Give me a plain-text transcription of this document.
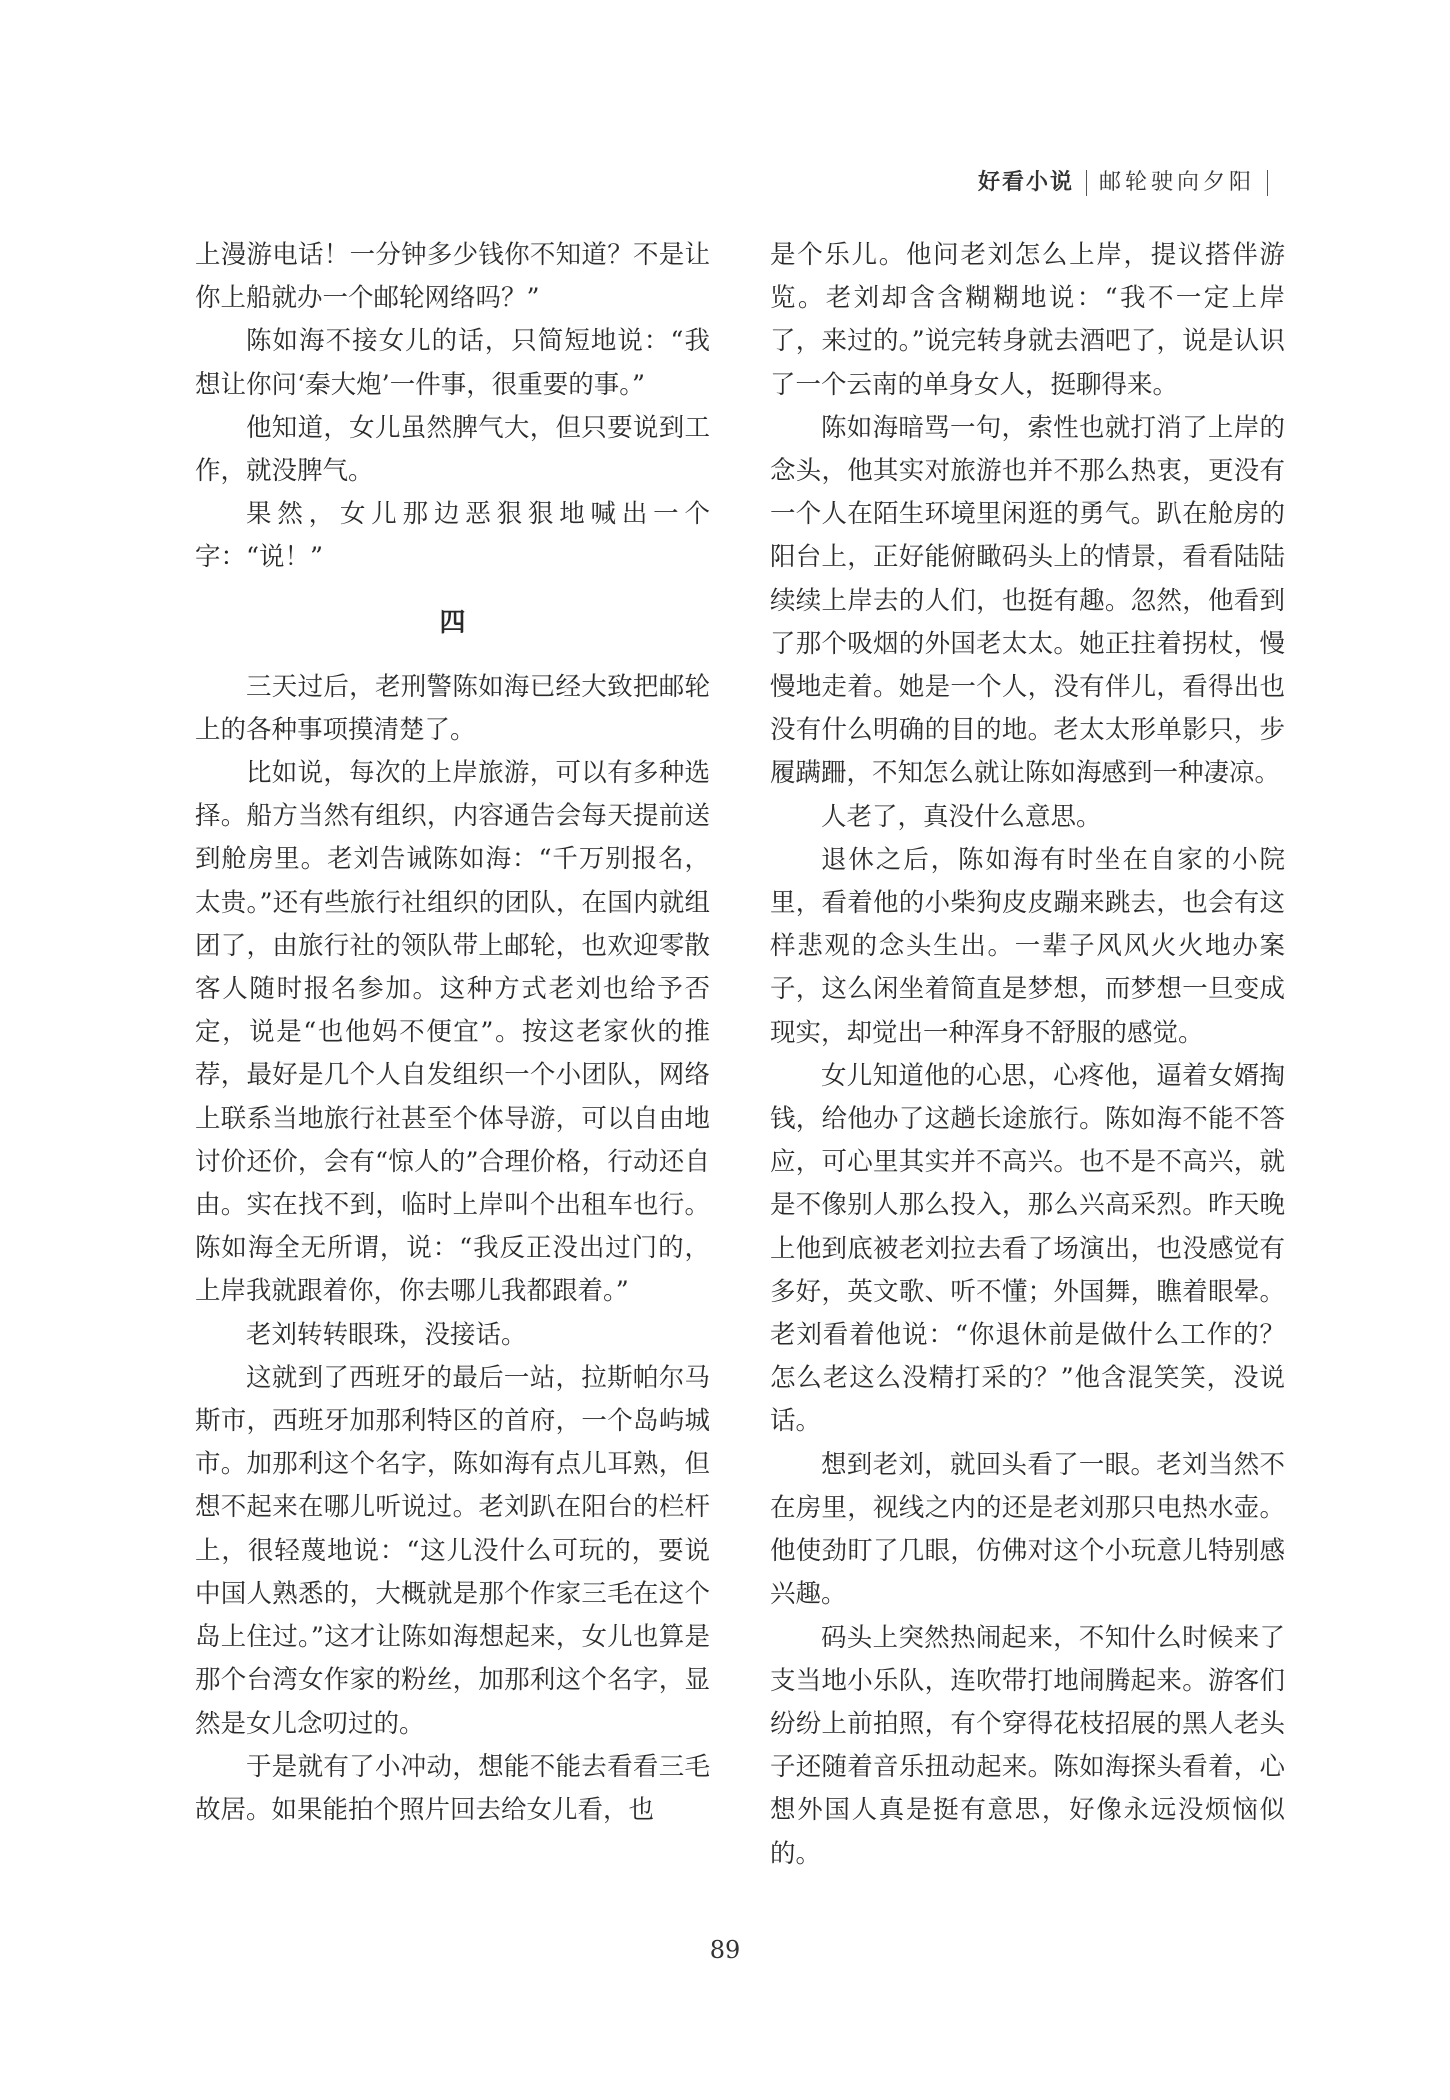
好看小说 邮轮驶向夕阳

上漫游电话！一分钟多少钱你不知道？不是让你上船就办一个邮轮网络吗？”

陈如海不接女儿的话，只简短地说：“我想让你问‘秦大炮’一件事，很重要的事。”

他知道，女儿虽然脾气大，但只要说到工作，就没脾气。

果然，女儿那边恶狠狠地喊出一个字：“说！”

四

三天过后，老刑警陈如海已经大致把邮轮上的各种事项摸清楚了。

比如说，每次的上岸旅游，可以有多种选择。船方当然有组织，内容通告会每天提前送到舱房里。老刘告诫陈如海：“千万别报名，太贵。”还有些旅行社组织的团队，在国内就组团了，由旅行社的领队带上邮轮，也欢迎零散客人随时报名参加。这种方式老刘也给予否定，说是“也他妈不便宜”。按这老家伙的推荐，最好是几个人自发组织一个小团队，网络上联系当地旅行社甚至个体导游，可以自由地讨价还价，会有“惊人的”合理价格，行动还自由。实在找不到，临时上岸叫个出租车也行。陈如海全无所谓，说：“我反正没出过门的，上岸我就跟着你，你去哪儿我都跟着。”

老刘转转眼珠，没接话。

这就到了西班牙的最后一站，拉斯帕尔马斯市，西班牙加那利特区的首府，一个岛屿城市。加那利这个名字，陈如海有点儿耳熟，但想不起来在哪儿听说过。老刘趴在阳台的栏杆上，很轻蔑地说：“这儿没什么可玩的，要说中国人熟悉的，大概就是那个作家三毛在这个岛上住过。”这才让陈如海想起来，女儿也算是那个台湾女作家的粉丝，加那利这个名字，显然是女儿念叨过的。

于是就有了小冲动，想能不能去看看三毛故居。如果能拍个照片回去给女儿看，也

是个乐儿。他问老刘怎么上岸，提议搭伴游览。老刘却含含糊糊地说：“我不一定上岸了，来过的。”说完转身就去酒吧了，说是认识了一个云南的单身女人，挺聊得来。

陈如海暗骂一句，索性也就打消了上岸的念头，他其实对旅游也并不那么热衷，更没有一个人在陌生环境里闲逛的勇气。趴在舱房的阳台上，正好能俯瞰码头上的情景，看看陆陆续续上岸去的人们，也挺有趣。忽然，他看到了那个吸烟的外国老太太。她正拄着拐杖，慢慢地走着。她是一个人，没有伴儿，看得出也没有什么明确的目的地。老太太形单影只，步履蹒跚，不知怎么就让陈如海感到一种凄凉。

人老了，真没什么意思。

退休之后，陈如海有时坐在自家的小院里，看着他的小柴狗皮皮蹦来跳去，也会有这样悲观的念头生出。一辈子风风火火地办案子，这么闲坐着简直是梦想，而梦想一旦变成现实，却觉出一种浑身不舒服的感觉。

女儿知道他的心思，心疼他，逼着女婿掏钱，给他办了这趟长途旅行。陈如海不能不答应，可心里其实并不高兴。也不是不高兴，就是不像别人那么投入，那么兴高采烈。昨天晚上他到底被老刘拉去看了场演出，也没感觉有多好，英文歌、听不懂；外国舞，瞧着眼晕。老刘看着他说：“你退休前是做什么工作的？怎么老这么没精打采的？”他含混笑笑，没说话。

想到老刘，就回头看了一眼。老刘当然不在房里，视线之内的还是老刘那只电热水壶。他使劲盯了几眼，仿佛对这个小玩意儿特别感兴趣。

码头上突然热闹起来，不知什么时候来了支当地小乐队，连吹带打地闹腾起来。游客们纷纷上前拍照，有个穿得花枝招展的黑人老头子还随着音乐扭动起来。陈如海探头看着，心想外国人真是挺有意思，好像永远没烦恼似的。

89
